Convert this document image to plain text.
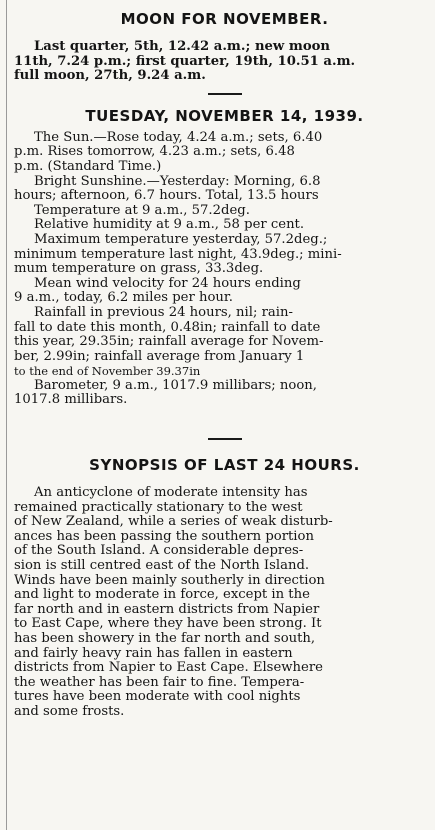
MOON FOR NOVEMBER.

Last quarter, 5th, 12.42 a.m.; new moon

11th, 7.24 p.m.; first quarter, 19th, 10.51 a.m.

full moon, 27th, 9.24 a.m.

TUESDAY, NOVEMBER 14, 1939.

The Sun.—Rose today, 4.24 a.m.; sets, 6.40

p.m. Rises tomorrow, 4.23 a.m.; sets, 6.48

p.m. (Standard Time.)

Bright Sunshine.—Yesterday: Morning, 6.8

hours; afternoon, 6.7 hours. Total, 13.5 hours

Temperature at 9 a.m., 57.2deg.

Relative humidity at 9 a.m., 58 per cent.

Maximum temperature yesterday, 57.2deg.;

minimum temperature last night, 43.9deg.; mini-

mum temperature on grass, 33.3deg.

Mean wind velocity for 24 hours ending

9 a.m., today, 6.2 miles per hour.

Rainfall in previous 24 hours, nil; rain-

fall to date this month, 0.48in; rainfall to date

this year, 29.35in; rainfall average for Novem-

ber, 2.99in; rainfall average from January 1

to the end of November 39.37in

Barometer, 9 a.m., 1017.9 millibars; noon,

1017.8 millibars.

SYNOPSIS OF LAST 24 HOURS.

An anticyclone of moderate intensity has

remained practically stationary to the west

of New Zealand, while a series of weak disturb-

ances has been passing the southern portion

of the South Island. A considerable depres-

sion is still centred east of the North Island.

Winds have been mainly southerly in direction

and light to moderate in force, except in the

far north and in eastern districts from Napier

to East Cape, where they have been strong. It

has been showery in the far north and south,

and fairly heavy rain has fallen in eastern

districts from Napier to East Cape. Elsewhere

the weather has been fair to fine. Tempera-

tures have been moderate with cool nights

and some frosts.
